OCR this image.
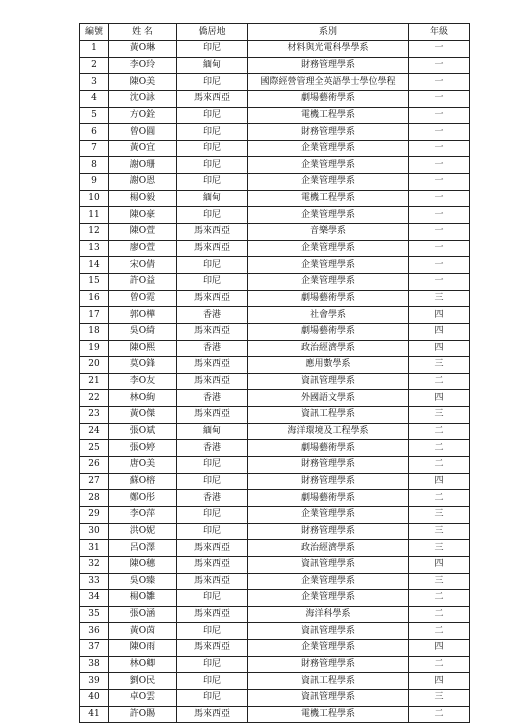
編號	姓 名	僑居地	系別	年級
1	黃O琳	印尼	材料與光電科學學系	一
2	李O玲	緬甸	財務管理學系	一
3	陳O美	印尼	國際經營管理全英語學士學位學程	一
4	沈O詠	馬來西亞	劇場藝術學系	一
5	方O銓	印尼	電機工程學系	一
6	曾O圓	印尼	財務管理學系	一
7	黃O宜	印尼	企業管理學系	一
8	謝O珊	印尼	企業管理學系	一
9	謝O恩	印尼	企業管理學系	一
10	楊O毅	緬甸	電機工程學系	一
11	陳O豪	印尼	企業管理學系	一
12	陳O萱	馬來西亞	音樂學系	一
13	廖O萱	馬來西亞	企業管理學系	一
14	宋O倩	印尼	企業管理學系	一
15	許O益	印尼	企業管理學系	一
16	曾O霓	馬來西亞	劇場藝術學系	三
17	郭O樺	香港	社會學系	四
18	吳O綺	馬來西亞	劇場藝術學系	四
19	陳O熙	香港	政治經濟學系	四
20	莫O鋒	馬來西亞	應用數學系	三
21	李O友	馬來西亞	資訊管理學系	二
22	林O絢	香港	外國語文學系	四
23	黃O傑	馬來西亞	資訊工程學系	三
24	張O斌	緬甸	海洋環境及工程學系	二
25	張O婷	香港	劇場藝術學系	二
26	唐O美	印尼	財務管理學系	二
27	蘇O榕	印尼	財務管理學系	四
28	鄭O彤	香港	劇場藝術學系	二
29	李O萍	印尼	企業管理學系	三
30	洪O妮	印尼	財務管理學系	三
31	呂O澤	馬來西亞	政治經濟學系	三
32	陳O穗	馬來西亞	資訊管理學系	四
33	吳O臻	馬來西亞	企業管理學系	三
34	楊O雛	印尼	企業管理學系	二
35	張O涵	馬來西亞	海洋科學系	二
36	黃O茵	印尼	資訊管理學系	二
37	陳O雨	馬來西亞	企業管理學系	四
38	林O卿	印尼	財務管理學系	二
39	劉O民	印尼	資訊工程學系	四
40	卓O雲	印尼	資訊管理學系	三
41	許O賜	馬來西亞	電機工程學系	二
